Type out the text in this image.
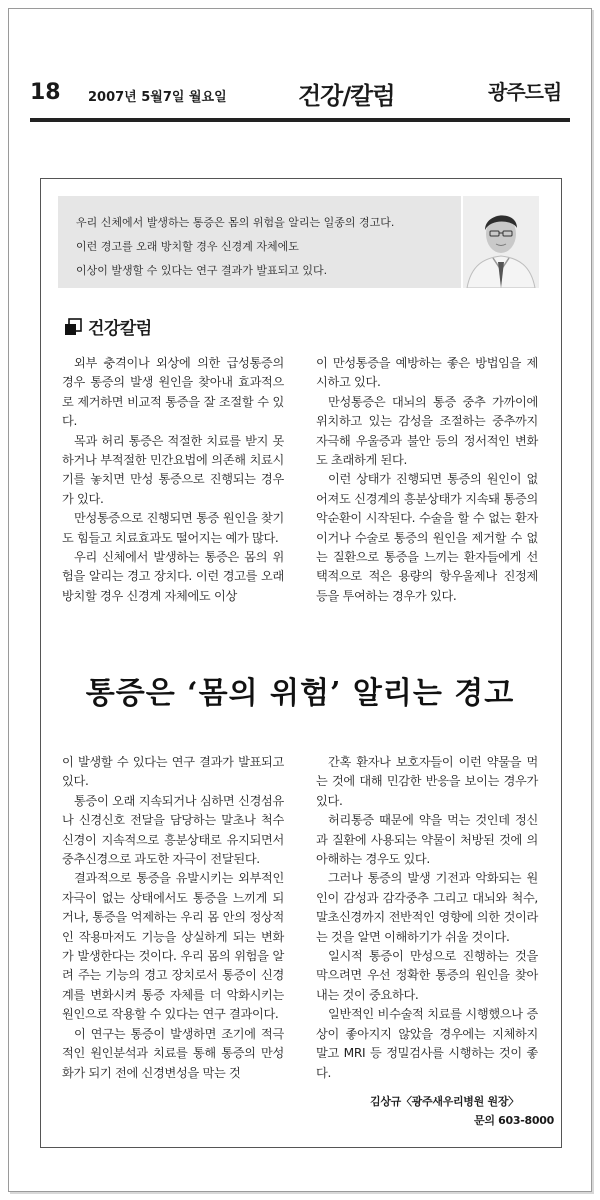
18 2007년 5월7일 월요일	건강/칼럼	광주드림
우리 신체에서 발생하는 통증은 몸의 위험을 알리는 일종의 경고다.
이런 경고를 오래 방치할 경우 신경계 자체에도
이상이 발생할 수 있다는 연구 결과가 발표되고 있다.
건강칼럼

외부 충격이나 외상에 의한 급성통증의 경우 통증의 발생 원인을 찾아내 효과적으로 제거하면 비교적 통증을 잘 조절할 수 있다.

목과 허리 통증은 적절한 치료를 받지 못하거나 부적절한 민간요법에 의존해 치료시기를 놓치면 만성 통증으로 진행되는 경우가 있다.

만성통증으로 진행되면 통증 원인을 찾기도 힘들고 치료효과도 떨어지는 예가 많다.

우리 신체에서 발생하는 통증은 몸의 위험을 알리는 경고 장치다. 이런 경고를 오래 방치할 경우 신경계 자체에도 이상

이 만성통증을 예방하는 좋은 방법임을 제시하고 있다.

만성통증은 대뇌의 통증 중추 가까이에 위치하고 있는 감성을 조절하는 중추까지 자극해 우울증과 불안 등의 정서적인 변화도 초래하게 된다.

이런 상태가 진행되면 통증의 원인이 없어져도 신경계의 흥분상태가 지속돼 통증의 악순환이 시작된다. 수술을 할 수 없는 환자이거나 수술로 통증의 원인을 제거할 수 없는 질환으로 통증을 느끼는 환자들에게 선택적으로 적은 용량의 항우울제나 진정제 등을 투여하는 경우가 있다.

통증은 ‘몸의 위험’ 알리는 경고

이 발생할 수 있다는 연구 결과가 발표되고 있다.

통증이 오래 지속되거나 심하면 신경섬유나 신경신호 전달을 담당하는 말초나 척수신경이 지속적으로 흥분상태로 유지되면서 중추신경으로 과도한 자극이 전달된다.

결과적으로 통증을 유발시키는 외부적인 자극이 없는 상태에서도 통증을 느끼게 되거나, 통증을 억제하는 우리 몸 안의 정상적인 작용마저도 기능을 상실하게 되는 변화가 발생한다는 것이다. 우리 몸의 위험을 알려 주는 기능의 경고 장치로서 통증이 신경계를 변화시켜 통증 자체를 더 악화시키는 원인으로 작용할 수 있다는 연구 결과이다.

이 연구는 통증이 발생하면 조기에 적극적인 원인분석과 치료를 통해 통증의 만성화가 되기 전에 신경변성을 막는 것

간혹 환자나 보호자들이 이런 약물을 먹는 것에 대해 민감한 반응을 보이는 경우가 있다.

허리통증 때문에 약을 먹는 것인데 정신과 질환에 사용되는 약물이 처방된 것에 의아해하는 경우도 있다.

그러나 통증의 발생 기전과 악화되는 원인이 감성과 감각중추 그리고 대뇌와 척수, 말초신경까지 전반적인 영향에 의한 것이라는 것을 알면 이해하기가 쉬울 것이다.

일시적 통증이 만성으로 진행하는 것을 막으려면 우선 정확한 통증의 원인을 찾아내는 것이 중요하다.

일반적인 비수술적 치료를 시행했으나 증상이 좋아지지 않았을 경우에는 지체하지 말고 MRI 등 정밀검사를 시행하는 것이 좋다.

김상규〈광주새우리병원 원장〉
문의 603-8000
